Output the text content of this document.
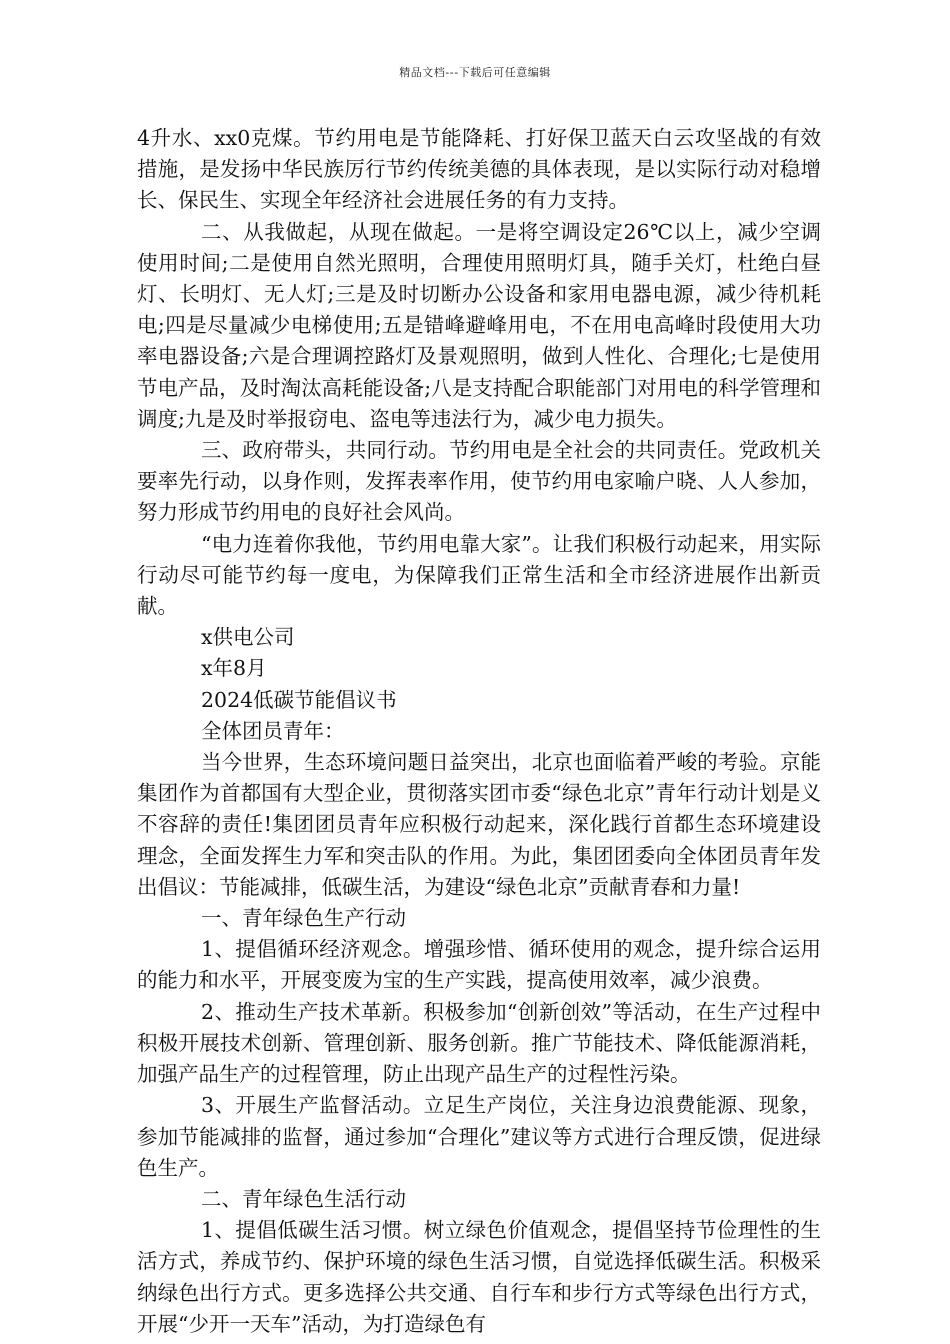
精品文档---下载后可任意编辑

4升水、xx0克煤。节约用电是节能降耗、打好保卫蓝天白云攻坚战的有效措施，是发扬中华民族厉行节约传统美德的具体表现，是以实际行动对稳增长、保民生、实现全年经济社会进展任务的有力支持。

二、从我做起，从现在做起。一是将空调设定26℃以上，减少空调使用时间;二是使用自然光照明，合理使用照明灯具，随手关灯，杜绝白昼灯、长明灯、无人灯;三是及时切断办公设备和家用电器电源，减少待机耗电;四是尽量减少电梯使用;五是错峰避峰用电，不在用电高峰时段使用大功率电器设备;六是合理调控路灯及景观照明，做到人性化、合理化;七是使用节电产品，及时淘汰高耗能设备;八是支持配合职能部门对用电的科学管理和调度;九是及时举报窃电、盗电等违法行为，减少电力损失。

三、政府带头，共同行动。节约用电是全社会的共同责任。党政机关要率先行动，以身作则，发挥表率作用，使节约用电家喻户晓、人人参加，努力形成节约用电的良好社会风尚。

“电力连着你我他，节约用电靠大家”。让我们积极行动起来，用实际行动尽可能节约每一度电，为保障我们正常生活和全市经济进展作出新贡献。

x供电公司

x年8月

2024低碳节能倡议书

全体团员青年：

当今世界，生态环境问题日益突出，北京也面临着严峻的考验。京能集团作为首都国有大型企业，贯彻落实团市委“绿色北京”青年行动计划是义不容辞的责任!集团团员青年应积极行动起来，深化践行首都生态环境建设理念，全面发挥生力军和突击队的作用。为此，集团团委向全体团员青年发出倡议：节能减排，低碳生活，为建设“绿色北京”贡献青春和力量!

一、青年绿色生产行动

1、提倡循环经济观念。增强珍惜、循环使用的观念，提升综合运用的能力和水平，开展变废为宝的生产实践，提高使用效率，减少浪费。

2、推动生产技术革新。积极参加“创新创效”等活动，在生产过程中积极开展技术创新、管理创新、服务创新。推广节能技术、降低能源消耗，加强产品生产的过程管理，防止出现产品生产的过程性污染。

3、开展生产监督活动。立足生产岗位，关注身边浪费能源、现象，参加节能减排的监督，通过参加“合理化”建议等方式进行合理反馈，促进绿色生产。

二、青年绿色生活行动

1、提倡低碳生活习惯。树立绿色价值观念，提倡坚持节俭理性的生活方式，养成节约、保护环境的绿色生活习惯，自觉选择低碳生活。积极采纳绿色出行方式。更多选择公共交通、自行车和步行方式等绿色出行方式，开展“少开一天车”活动，为打造绿色有
